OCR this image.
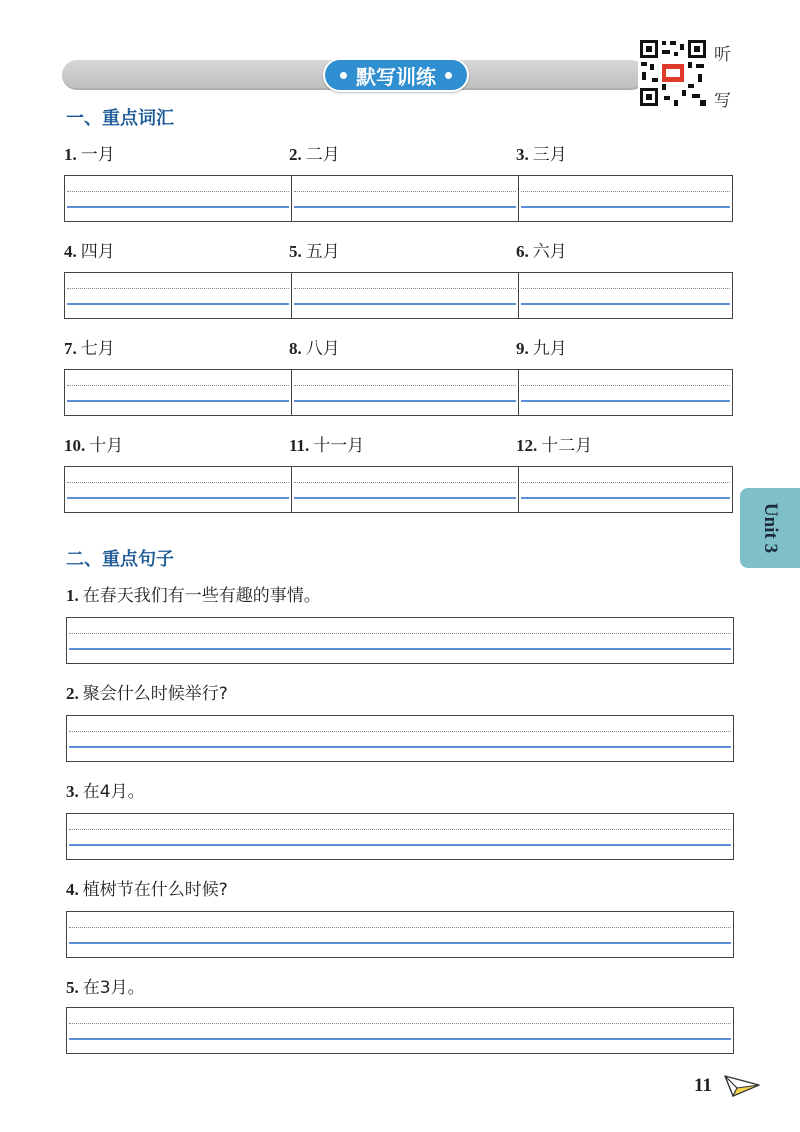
默写训练
听
写
一、重点词汇
1. 一月	2. 二月	3. 三月
4. 四月	5. 五月	6. 六月
7. 七月	8. 八月	9. 九月
10. 十月	11. 十一月	12. 十二月
Unit 3
二、重点句子
1. 在春天我们有一些有趣的事情。
2. 聚会什么时候举行?
3. 在4月。
4. 植树节在什么时候?
5. 在3月。
11
